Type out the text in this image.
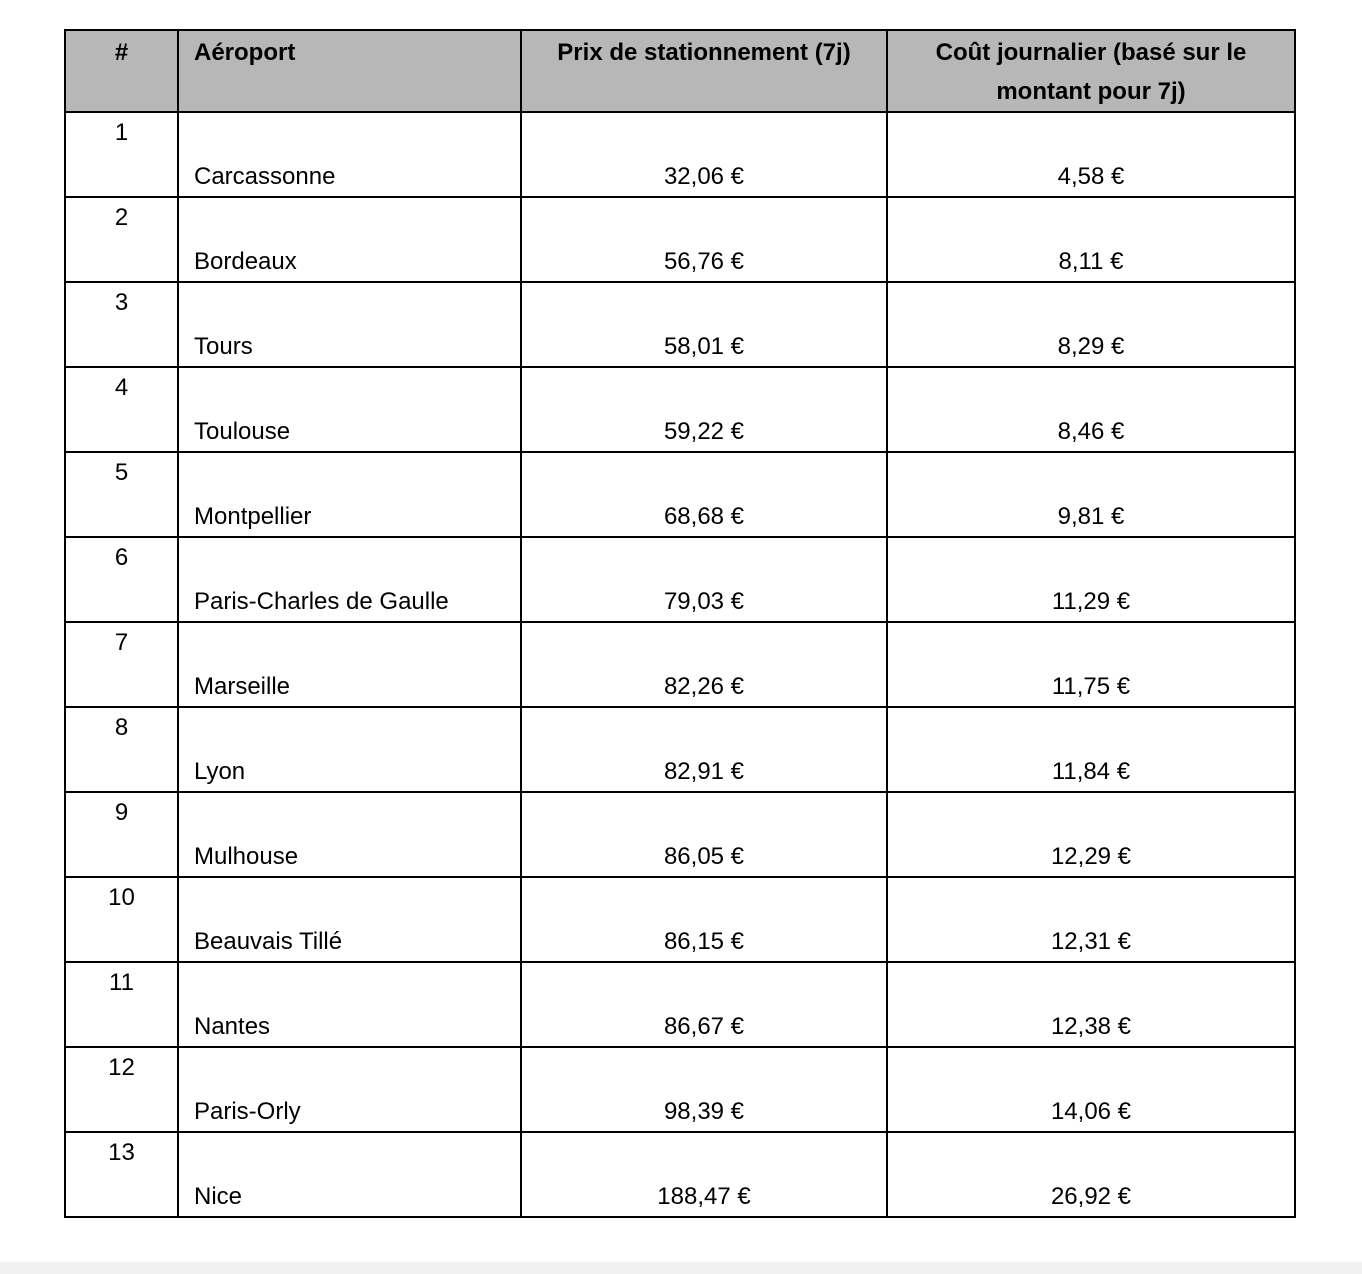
#	Aéroport	Prix de stationnement (7j)	Coût journalier (basé sur le montant pour 7j)
1	Carcassonne	32,06 €	4,58 €
2	Bordeaux	56,76 €	8,11 €
3	Tours	58,01 €	8,29 €
4	Toulouse	59,22 €	8,46 €
5	Montpellier	68,68 €	9,81 €
6	Paris-Charles de Gaulle	79,03 €	11,29 €
7	Marseille	82,26 €	11,75 €
8	Lyon	82,91 €	11,84 €
9	Mulhouse	86,05 €	12,29 €
10	Beauvais Tillé	86,15 €	12,31 €
11	Nantes	86,67 €	12,38 €
12	Paris-Orly	98,39 €	14,06 €
13	Nice	188,47 €	26,92 €
